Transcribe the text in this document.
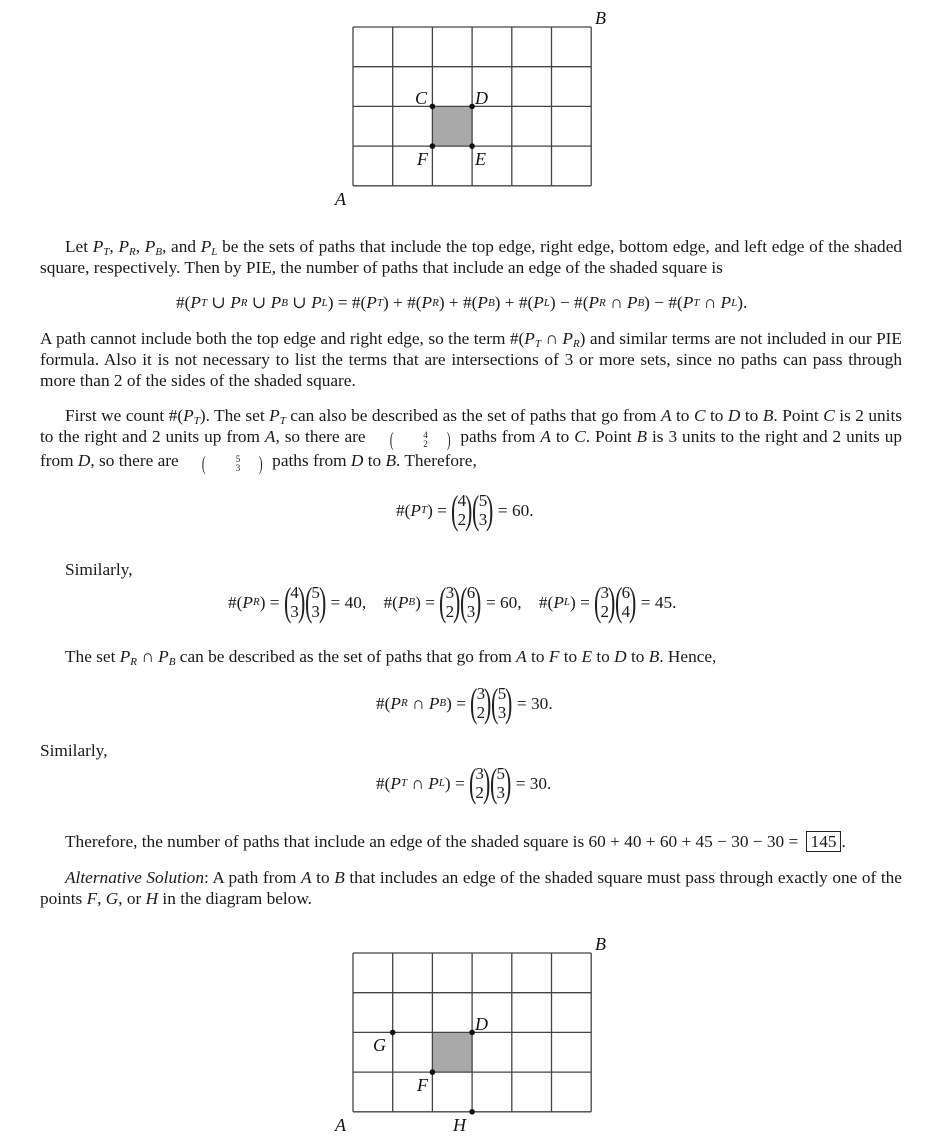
B
A
C	D
E
F
Let $P_T$, $P_R$, $P_B$, and $P_L$ be the sets of paths that include the top edge, right edge, bottom edge, and left edge of the shaded square, respectively. Then by PIE, the number of paths that include an edge of the shaded square is
#( P T ∪ P R ∪ P B ∪ P L ) = #( P T ) + #( P R ) + #( P B ) + #( P L ) − #( P R ∩ P B ) − #( P T ∩ P L ).
A path cannot include both the top edge and right edge, so the term $\#(P_T$ ∩ $P_R$) and similar terms are not included in our PIE formula. Also it is not necessary to list the terms that are intersections of 3 or more sets, since no paths can pass through more than 2 of the sides of the shaded square.
First we count $\#(P_T)$. The set $P_T$ can also be described as the set of paths that go from A to C to D to B. Point C is 2 units to the right and 2 units up from A, so there are (	4
2 ) paths from A to C. Point B is 3 units to the right and 2 units up from D, so there are (	5
3 ) paths from D to B. Therefore,
#( P T ) =
(
4
2
) (
5
3
)
= 60.
Similarly,
#( P R ) = (
4
3
) (
5
3
)
= 40, #( P B ) = (
3
2
) (
6
3
)
= 60, #( P L ) = (
3
2
) (
6
4
)
= 45.
The set $P_R$ ∩ $P_B$ can be described as the set of paths that go from A to F to E to D to B. Hence,
#( P R ∩ P B ) = (
3
2
) (
5
3
)
= 30.
Similarly,
#( P T ∩ P L ) = (
3
2
) (
5
3
)
= 30.
Therefore, the number of paths that include an edge of the shaded square is 60 + 40 + 60 + 45 − 30 − 30 = 145 .
Alternative Solution: A path from A to B that includes an edge of the shaded square must pass through exactly one of the points F, G, or H in the diagram below.
B
A
D
G
F
H
